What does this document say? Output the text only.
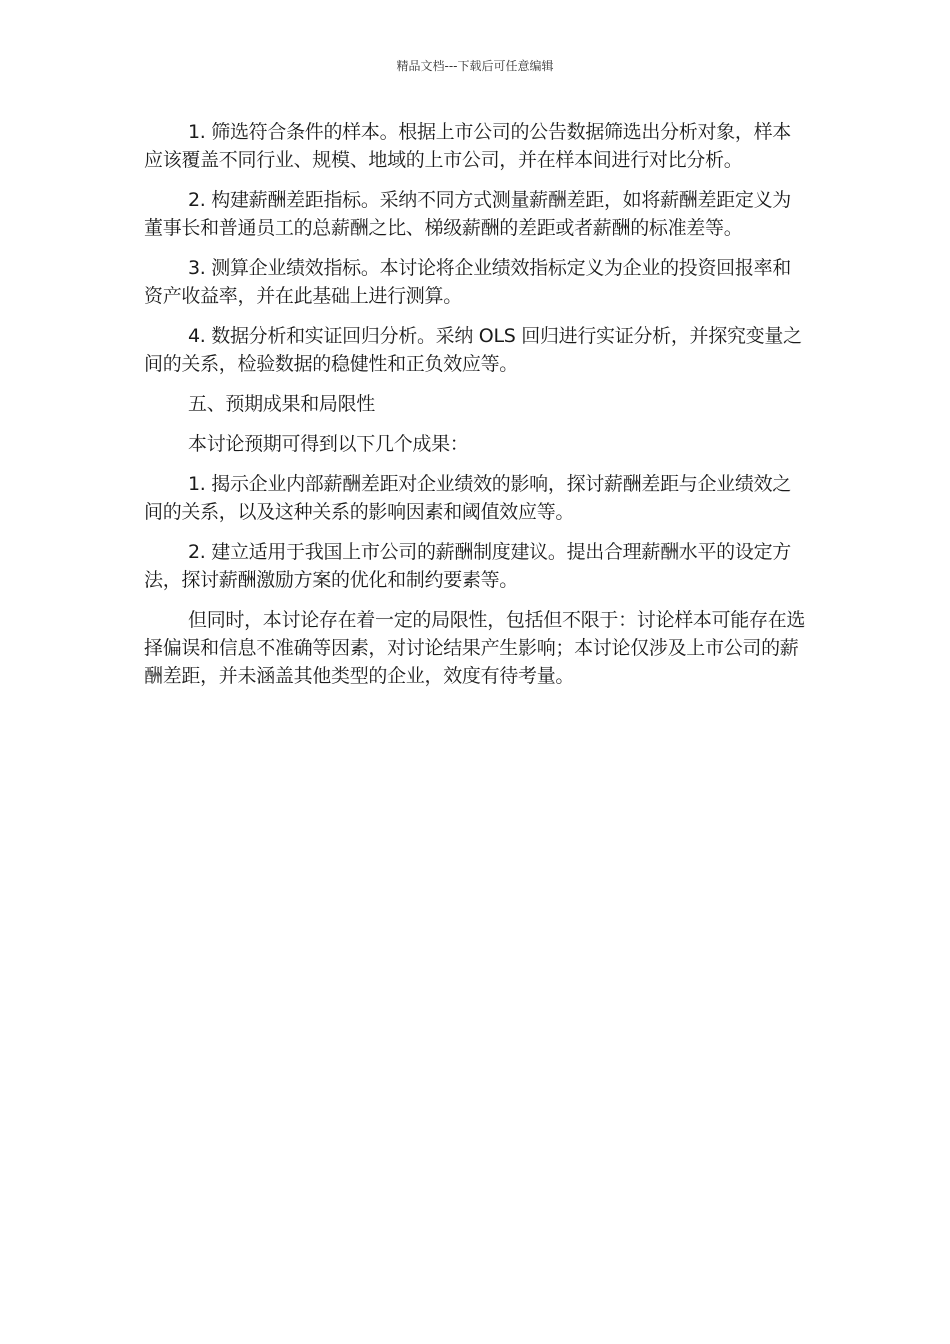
精品文档---下载后可任意编辑

1. 筛选符合条件的样本。根据上市公司的公告数据筛选出分析对象，样本应该覆盖不同行业、规模、地域的上市公司，并在样本间进行对比分析。

2. 构建薪酬差距指标。采纳不同方式测量薪酬差距，如将薪酬差距定义为董事长和普通员工的总薪酬之比、梯级薪酬的差距或者薪酬的标准差等。

3. 测算企业绩效指标。本讨论将企业绩效指标定义为企业的投资回报率和资产收益率，并在此基础上进行测算。

4. 数据分析和实证回归分析。采纳 OLS 回归进行实证分析，并探究变量之间的关系，检验数据的稳健性和正负效应等。

五、预期成果和局限性

本讨论预期可得到以下几个成果：

1. 揭示企业内部薪酬差距对企业绩效的影响，探讨薪酬差距与企业绩效之间的关系，以及这种关系的影响因素和阈值效应等。

2. 建立适用于我国上市公司的薪酬制度建议。提出合理薪酬水平的设定方法，探讨薪酬激励方案的优化和制约要素等。

但同时，本讨论存在着一定的局限性，包括但不限于：讨论样本可能存在选择偏误和信息不准确等因素，对讨论结果产生影响；本讨论仅涉及上市公司的薪酬差距，并未涵盖其他类型的企业，效度有待考量。
